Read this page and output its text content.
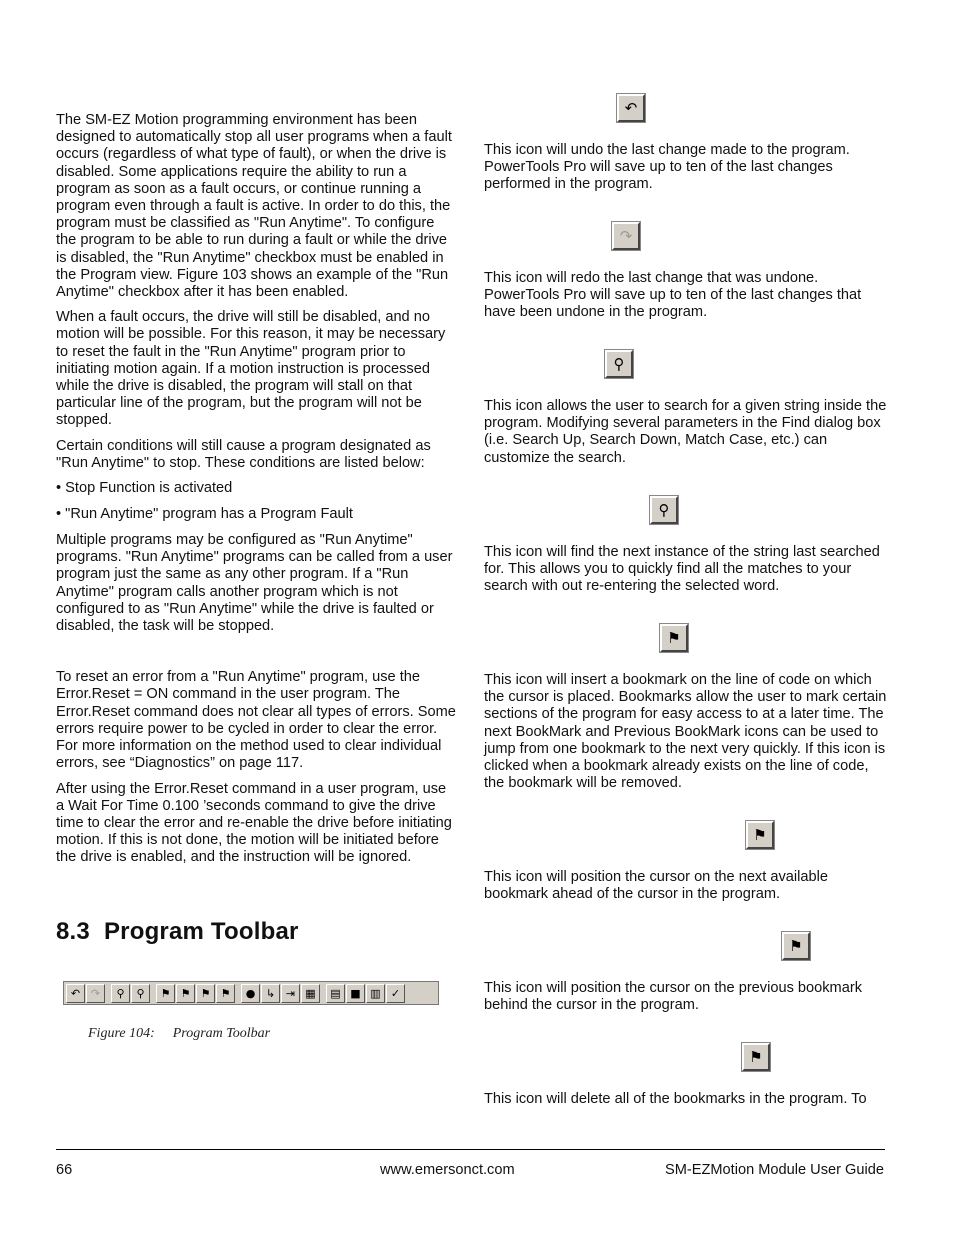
The SM-EZ Motion programming environment has been designed to automatically stop all user programs when a fault occurs (regardless of what type of fault), or when the drive is disabled. Some applications require the ability to run a program as soon as a fault occurs, or continue running a program even through a fault is active. In order to do this, the program must be classified as "Run Anytime". To configure the program to be able to run during a fault or while the drive is disabled, the "Run Anytime" checkbox must be enabled in the Program view. Figure 103 shows an example of the "Run Anytime" checkbox after it has been enabled.

When a fault occurs, the drive will still be disabled, and no motion will be possible. For this reason, it may be necessary to reset the fault in the "Run Anytime" program prior to initiating motion again. If a motion instruction is processed while the drive is disabled, the program will stall on that particular line of the program, but the program will not be stopped.

Certain conditions will still cause a program designated as "Run Anytime" to stop. These conditions are listed below:

• Stop Function is activated
• "Run Anytime" program has a Program Fault

Multiple programs may be configured as "Run Anytime" programs. "Run Anytime" programs can be called from a user program just the same as any other program. If a "Run Anytime" program calls another program which is not configured to as "Run Anytime" while the drive is faulted or disabled, the task will be stopped.

To reset an error from a "Run Anytime" program, use the Error.Reset = ON command in the user program. The Error.Reset command does not clear all types of errors. Some errors require power to be cycled in order to clear the error. For more information on the method used to clear individual errors, see “Diagnostics” on page 117.

After using the Error.Reset command in a user program, use a Wait For Time 0.100 ’seconds command to give the drive time to clear the error and re-enable the drive before initiating motion. If this is not done, the motion will be initiated before the drive is enabled, and the instruction will be ignored.

8.3 Program Toolbar
↶ ↷	⚲	⚲	⚑ ⚑ ⚑ ⚑	● ↳ ⇥ ▦	▤ ■ ▥ ✓
Figure 104: Program Toolbar
↶

This icon will undo the last change made to the program. PowerTools Pro will save up to ten of the last changes performed in the program.

↷

This icon will redo the last change that was undone. PowerTools Pro will save up to ten of the last changes that have been undone in the program.

⚲

This icon allows the user to search for a given string inside the program. Modifying several parameters in the Find dialog box (i.e. Search Up, Search Down, Match Case, etc.) can customize the search.

⚲

This icon will find the next instance of the string last searched for. This allows you to quickly find all the matches to your search with out re-entering the selected word.

⚑

This icon will insert a bookmark on the line of code on which the cursor is placed. Bookmarks allow the user to mark certain sections of the program for easy access to at a later time. The next BookMark and Previous BookMark icons can be used to jump from one bookmark to the next very quickly. If this icon is clicked when a bookmark already exists on the line of code, the bookmark will be removed.

⚑

This icon will position the cursor on the next available bookmark ahead of the cursor in the program.

⚑

This icon will position the cursor on the previous bookmark behind the cursor in the program.

⚑

This icon will delete all of the bookmarks in the program. To

66	www.emersonct.com	SM-EZMotion Module User Guide
